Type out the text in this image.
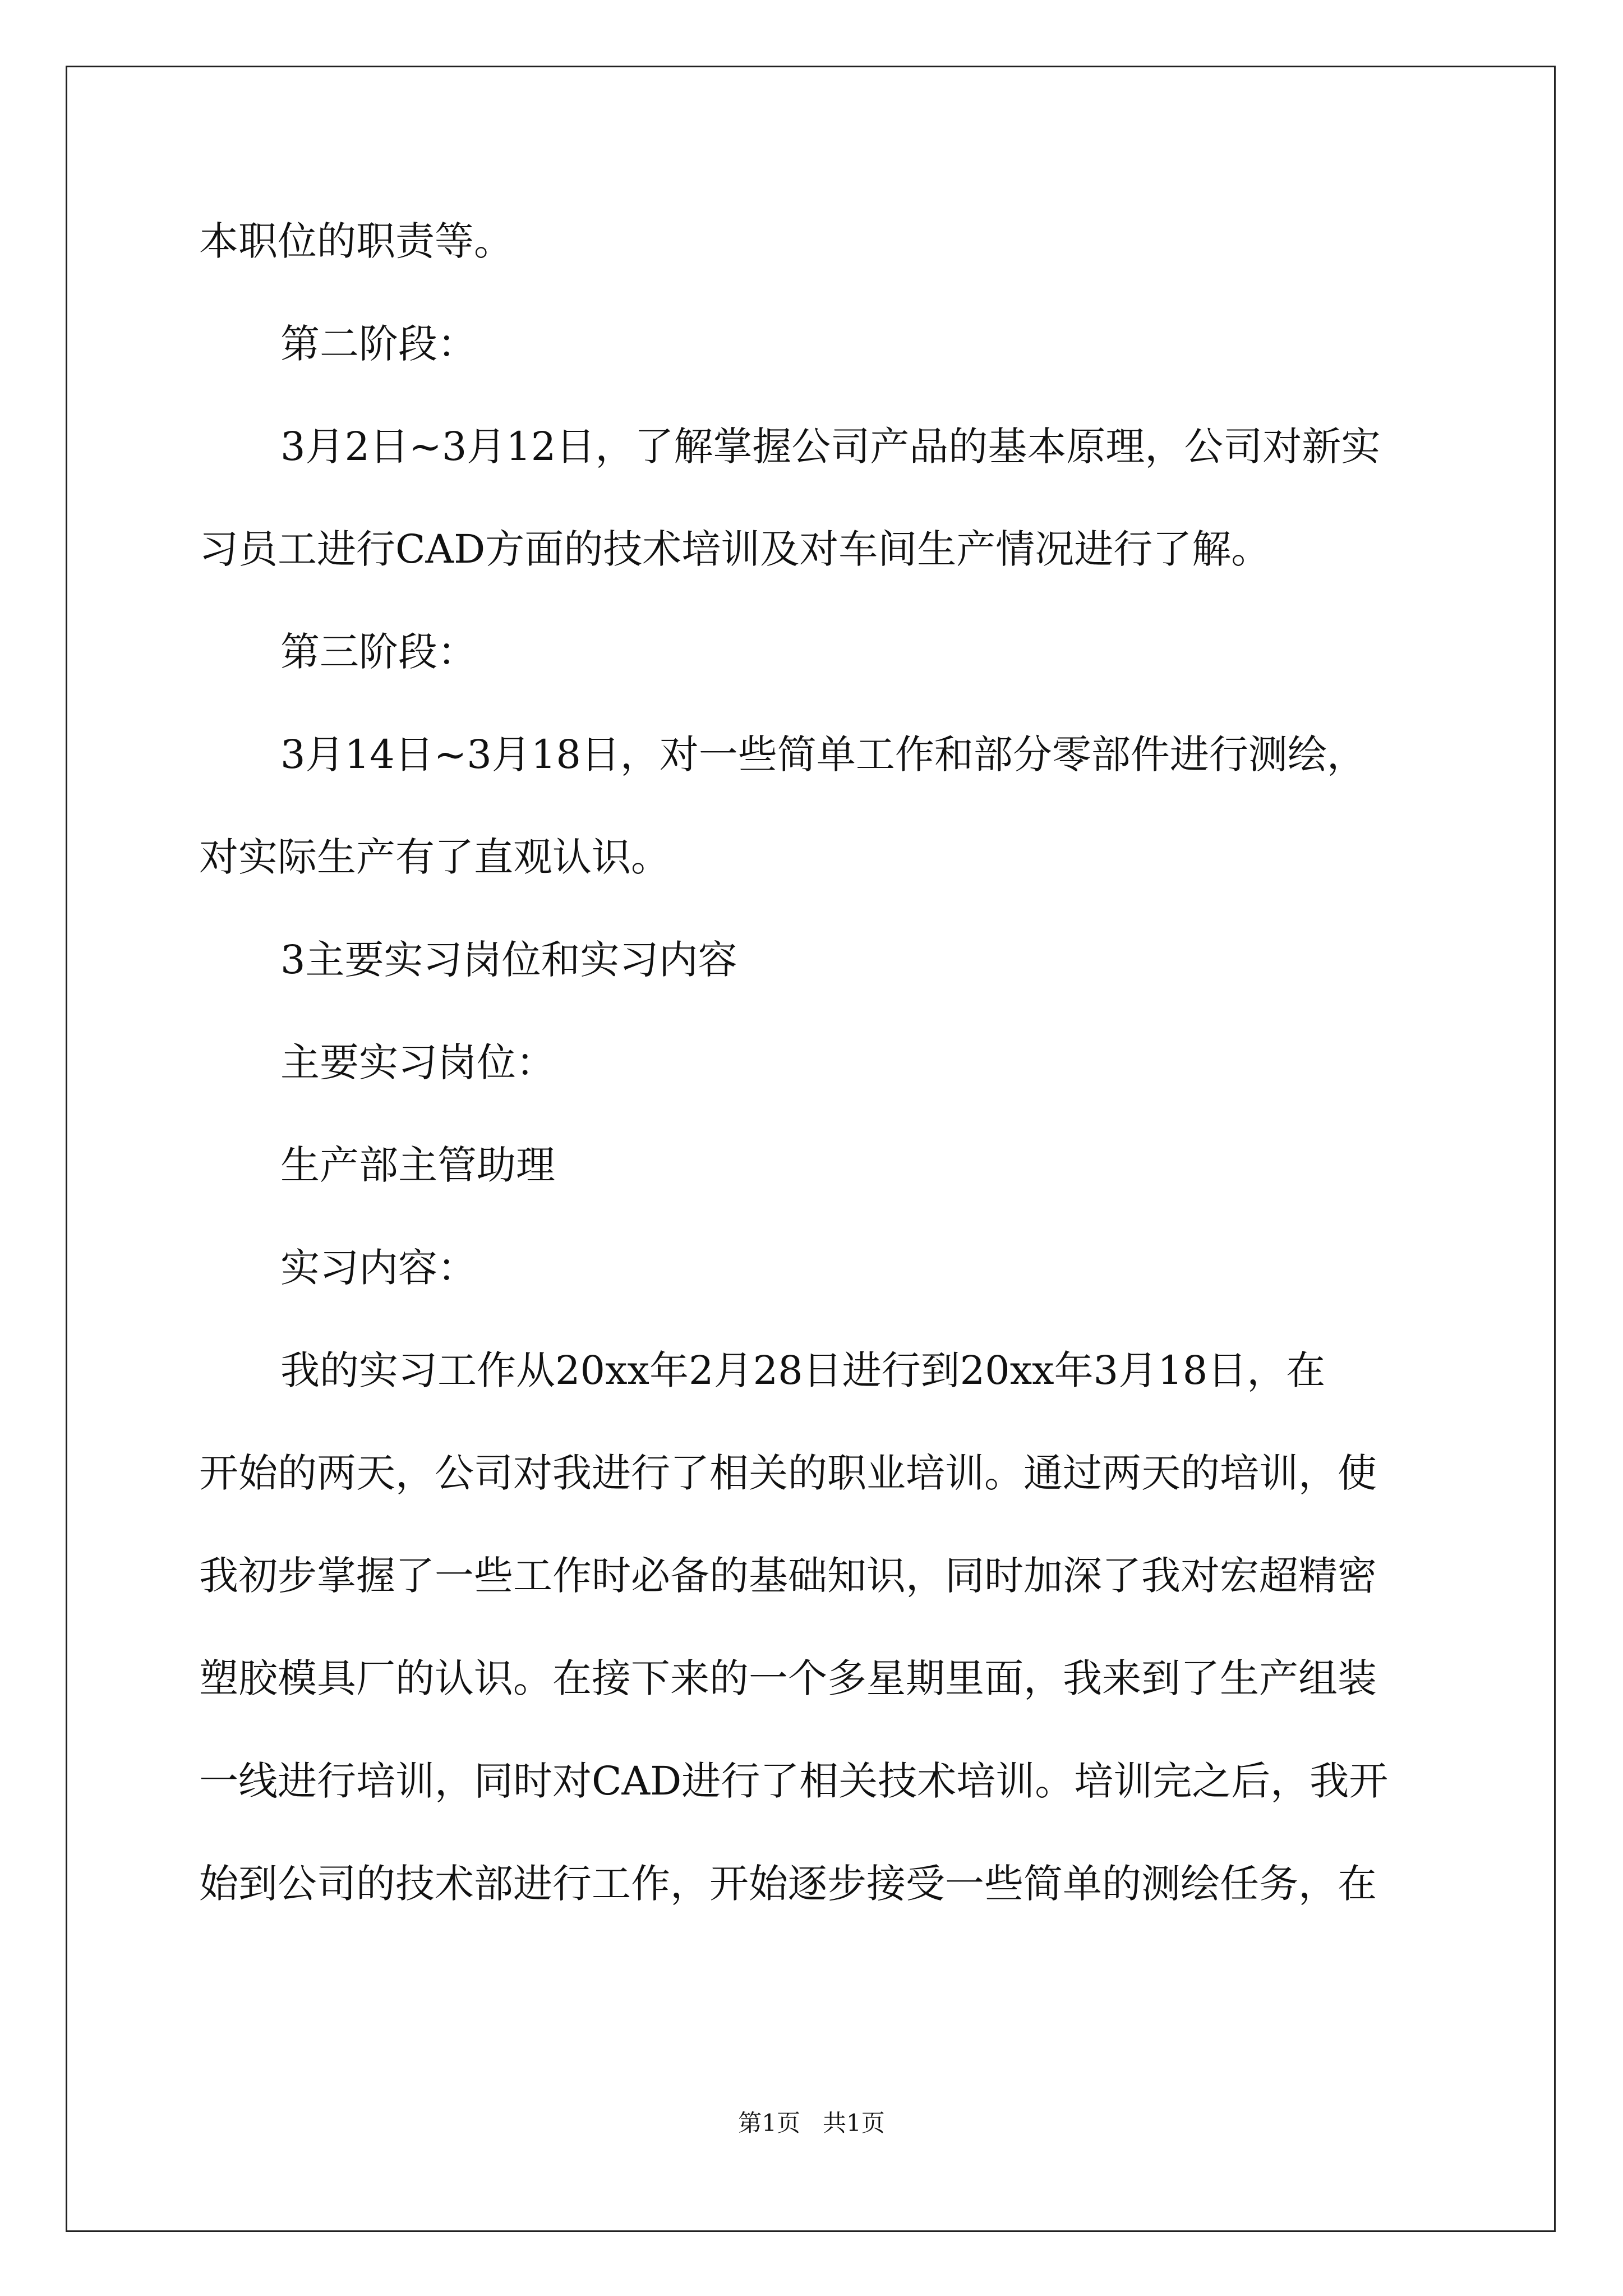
本职位的职责等。
第二阶段：
3月2日~3月12日，了解掌握公司产品的基本原理，公司对新实
习员工进行CAD方面的技术培训及对车间生产情况进行了解。
第三阶段：
3月14日~3月18日，对一些简单工作和部分零部件进行测绘，
对实际生产有了直观认识。
3主要实习岗位和实习内容
主要实习岗位：
生产部主管助理
实习内容：
我的实习工作从20xx年2月28日进行到20xx年3月18日，在
开始的两天，公司对我进行了相关的职业培训。通过两天的培训，使
我初步掌握了一些工作时必备的基础知识，同时加深了我对宏超精密
塑胶模具厂的认识。在接下来的一个多星期里面，我来到了生产组装
一线进行培训，同时对CAD进行了相关技术培训。培训完之后，我开
始到公司的技术部进行工作，开始逐步接受一些简单的测绘任务，在
第1页   共1页
